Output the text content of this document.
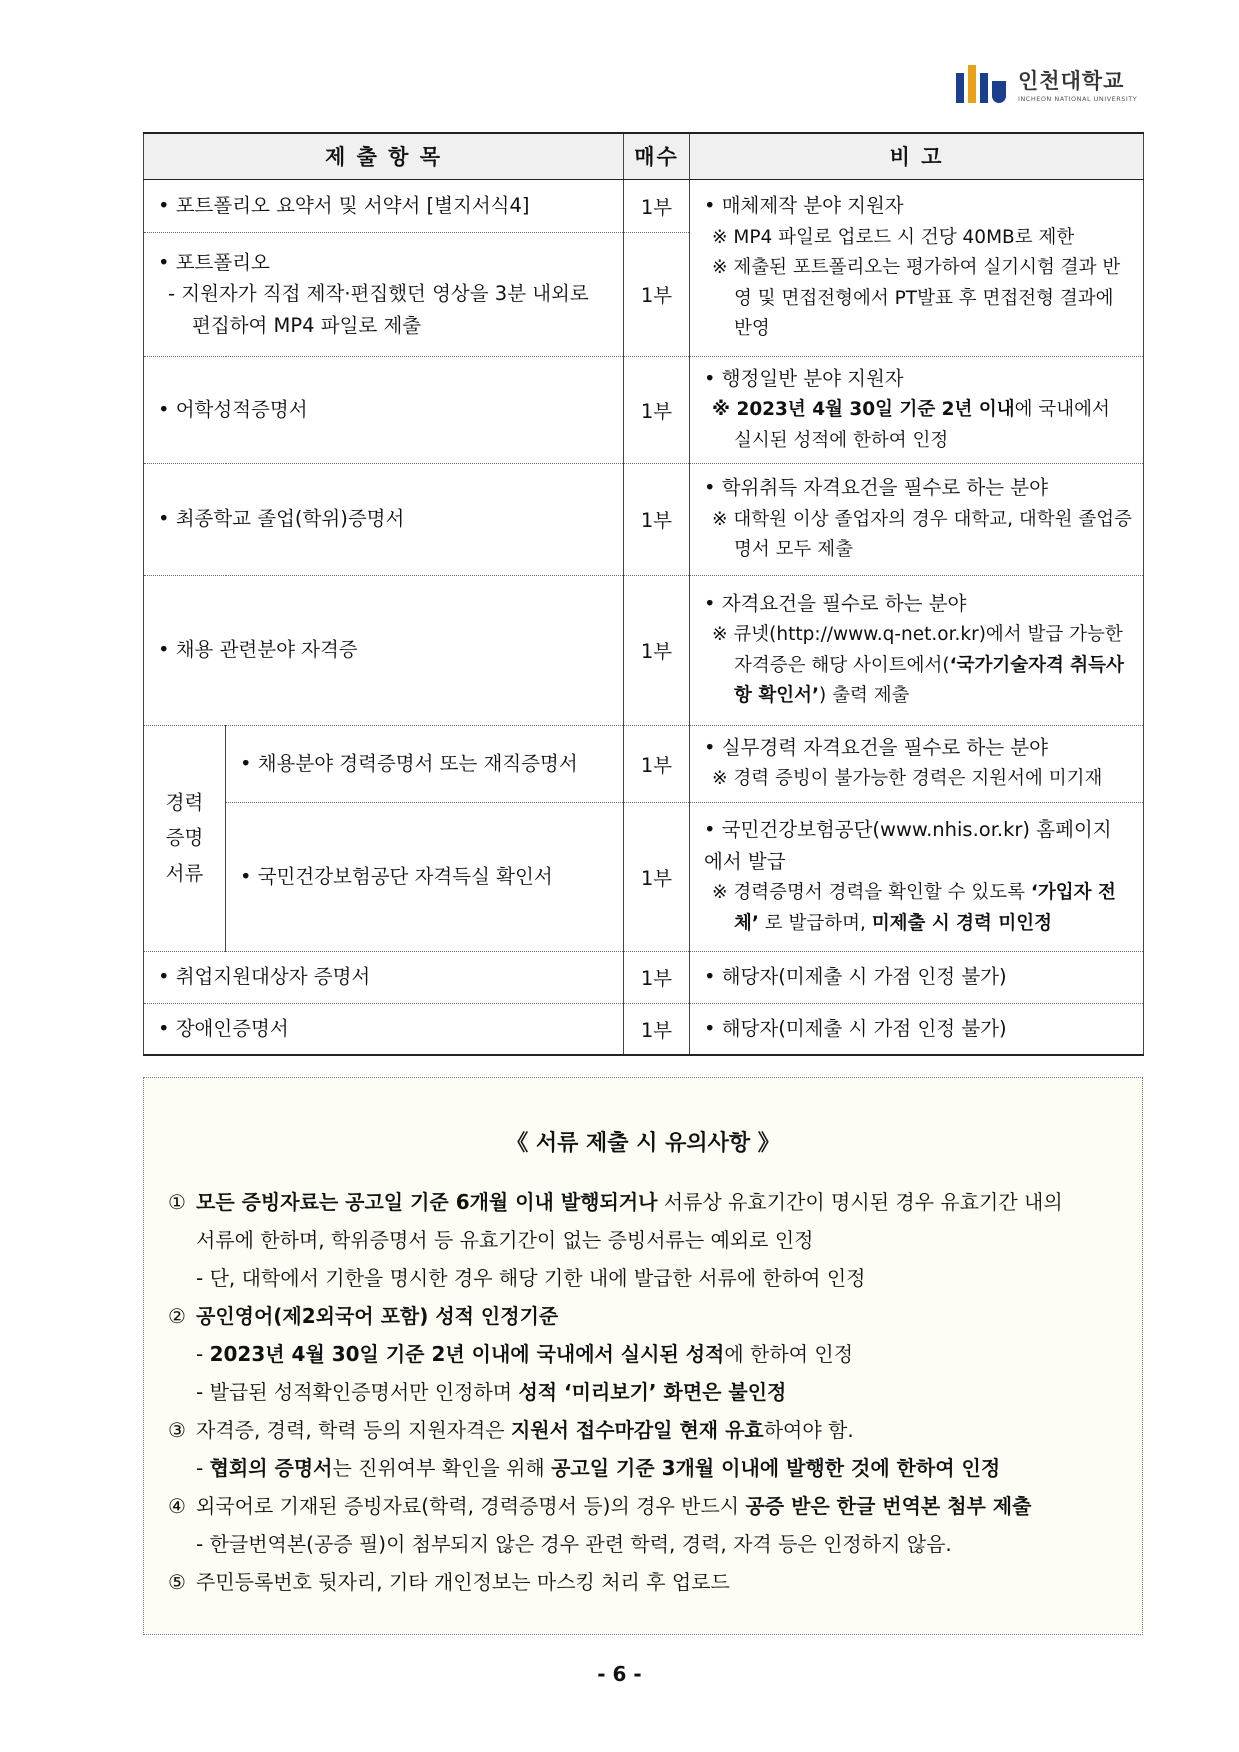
인천대학교
INCHEON NATIONAL UNIVERSITY
제 출 항 목		매수	비 고

• 포트폴리오 요약서 및 서약서 [별지서식4]		1부	• 매체제작 분야 지원자
※ MP4 파일로 업로드 시 건당 40MB로 제한
※ 제출된 포트폴리오는 평가하여 실기시험 결과 반영 및 면접전형에서 PT발표 후 면접전형 결과에 반영

• 포트폴리오
- 지원자가 직접 제작·편집했던 영상을 3분 내외로 편집하여 MP4 파일로 제출		1부	

• 어학성적증명서		1부	• 행정일반 분야 지원자
※ 2023년 4월 30일 기준 2년 이내에 국내에서 실시된 성적에 한하여 인정

• 최종학교 졸업(학위)증명서		1부	• 학위취득 자격요건을 필수로 하는 분야
※ 대학원 이상 졸업자의 경우 대학교, 대학원 졸업증명서 모두 제출

• 채용 관련분야 자격증		1부	• 자격요건을 필수로 하는 분야
※ 큐넷(http://www.q-net.or.kr)에서 발급 가능한 자격증은 해당 사이트에서(‘국가기술자격 취득사항 확인서’) 출력 제출

경력 증명 서류	• 채용분야 경력증명서 또는 재직증명서	1부	• 실무경력 자격요건을 필수로 하는 분야
※ 경력 증빙이 불가능한 경력은 지원서에 미기재

	• 국민건강보험공단 자격득실 확인서	1부	• 국민건강보험공단(www.nhis.or.kr) 홈페이지 에서 발급
※ 경력증명서 경력을 확인할 수 있도록 ‘가입자 전체’ 로 발급하며, 미제출 시 경력 미인정

• 취업지원대상자 증명서		1부	• 해당자(미제출 시 가점 인정 불가)

• 장애인증명서		1부	• 해당자(미제출 시 가점 인정 불가)
《 서류 제출 시 유의사항 》
① 모든 증빙자료는 공고일 기준 6개월 이내 발행되거나 서류상 유효기간이 명시된 경우 유효기간 내의
서류에 한하며, 학위증명서 등 유효기간이 없는 증빙서류는 예외로 인정
- 단, 대학에서 기한을 명시한 경우 해당 기한 내에 발급한 서류에 한하여 인정
② 공인영어(제2외국어 포함) 성적 인정기준
- 2023년 4월 30일 기준 2년 이내에 국내에서 실시된 성적에 한하여 인정
- 발급된 성적확인증명서만 인정하며 성적 ‘미리보기’ 화면은 불인정
③ 자격증, 경력, 학력 등의 지원자격은 지원서 접수마감일 현재 유효하여야 함.
- 협회의 증명서는 진위여부 확인을 위해 공고일 기준 3개월 이내에 발행한 것에 한하여 인정
④ 외국어로 기재된 증빙자료(학력, 경력증명서 등)의 경우 반드시 공증 받은 한글 번역본 첨부 제출
- 한글번역본(공증 필)이 첨부되지 않은 경우 관련 학력, 경력, 자격 등은 인정하지 않음.
⑤ 주민등록번호 뒷자리, 기타 개인정보는 마스킹 처리 후 업로드
- 6 -
